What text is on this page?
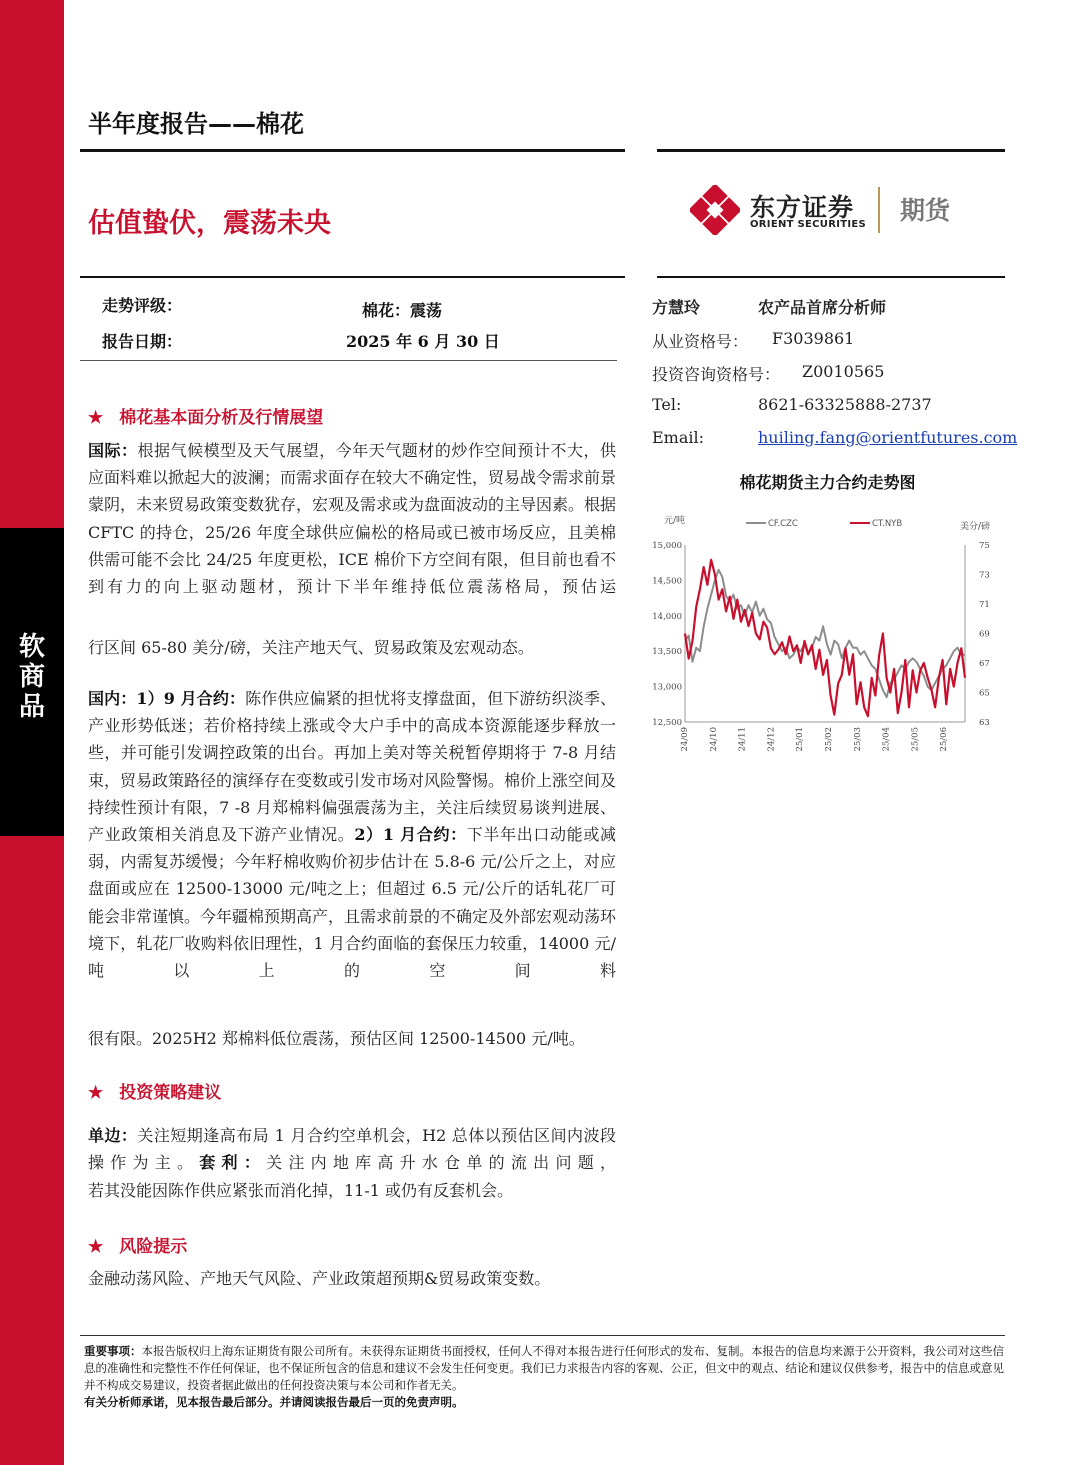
软
商
品
半年度报告——棉花
估值蛰伏，震荡未央
东方证券
ORIENT SECURITIES 期货
走势评级：	棉花：震荡
报告日期：	2025 年 6 月 30 日
方慧玲	农产品首席分析师
从业资格号： F3039861
投资咨询资格号： Z0010565
Tel:	8621-63325888-2737
Email:	huiling.fang@orientfutures.com
★ 棉花基本面分析及行情展望
国际：根据气候模型及天气展望，今年天气题材的炒作空间预计不大，供应面料难以掀起大的波澜；而需求面存在较大不确定性，贸易战令需求前景蒙阴，未来贸易政策变数犹存，宏观及需求或为盘面波动的主导因素。根据 CFTC 的持仓，25/26 年度全球供应偏松的格局或已被市场反应，且美棉供需可能不会比 24/25 年度更松，ICE 棉价下方空间有限，但目前也看不到有力的向上驱动题材，预计下半年维持低位震荡格局，预估运
行区间 65-80 美分/磅，关注产地天气、贸易政策及宏观动态。
国内：1）9 月合约：陈作供应偏紧的担忧将支撑盘面，但下游纺织淡季、产业形势低迷；若价格持续上涨或令大户手中的高成本资源能逐步释放一些，并可能引发调控政策的出台。再加上美对等关税暂停期将于 7-8 月结束，贸易政策路径的演绎存在变数或引发市场对风险警惕。棉价上涨空间及持续性预计有限，7 -8 月郑棉料偏强震荡为主，关注后续贸易谈判进展、产业政策相关消息及下游产业情况。2）1 月合约：下半年出口动能或减弱，内需复苏缓慢；今年籽棉收购价初步估计在 5.8-6 元/公斤之上，对应盘面或应在 12500-13000 元/吨之上；但超过 6.5 元/公斤的话轧花厂可能会非常谨慎。今年疆棉预期高产，且需求前景的不确定及外部宏观动荡环境下，轧花厂收购料依旧理性，1 月合约面临的套保压力较重，14000 元/吨以上的空间料
很有限。2025H2 郑棉料低位震荡，预估区间 12500-14500 元/吨。
★ 投资策略建议
单边：关注短期逢高布局 1 月合约空单机会，H2 总体以预估区间内波段操作为主。套利：关注内地库高升水仓单的流出问题，
若其没能因陈作供应紧张而消化掉，11-1 或仍有反套机会。
★ 风险提示
金融动荡风险、产地天气风险、产业政策超预期&贸易政策变数。
棉花期货主力合约走势图
元/吨
美分/磅
CF.CZC	CT.NYB
15,000
14,500
14,000
13,500
13,000
12,500
75
73
71
69
67
65
63
24/09 24/10 24/11 24/12 25/01 25/02 25/03 25/04 25/05 25/06
重要事项：本报告版权归上海东证期货有限公司所有。未获得东证期货书面授权，任何人不得对本报告进行任何形式的发布、复制。本报告的信息均来源于公开资料，我公司对这些信息的准确性和完整性不作任何保证，也不保证所包含的信息和建议不会发生任何变更。我们已力求报告内容的客观、公正，但文中的观点、结论和建议仅供参考，报告中的信息或意见并不构成交易建议，投资者据此做出的任何投资决策与本公司和作者无关。
有关分析师承诺，见本报告最后部分。并请阅读报告最后一页的免责声明。
